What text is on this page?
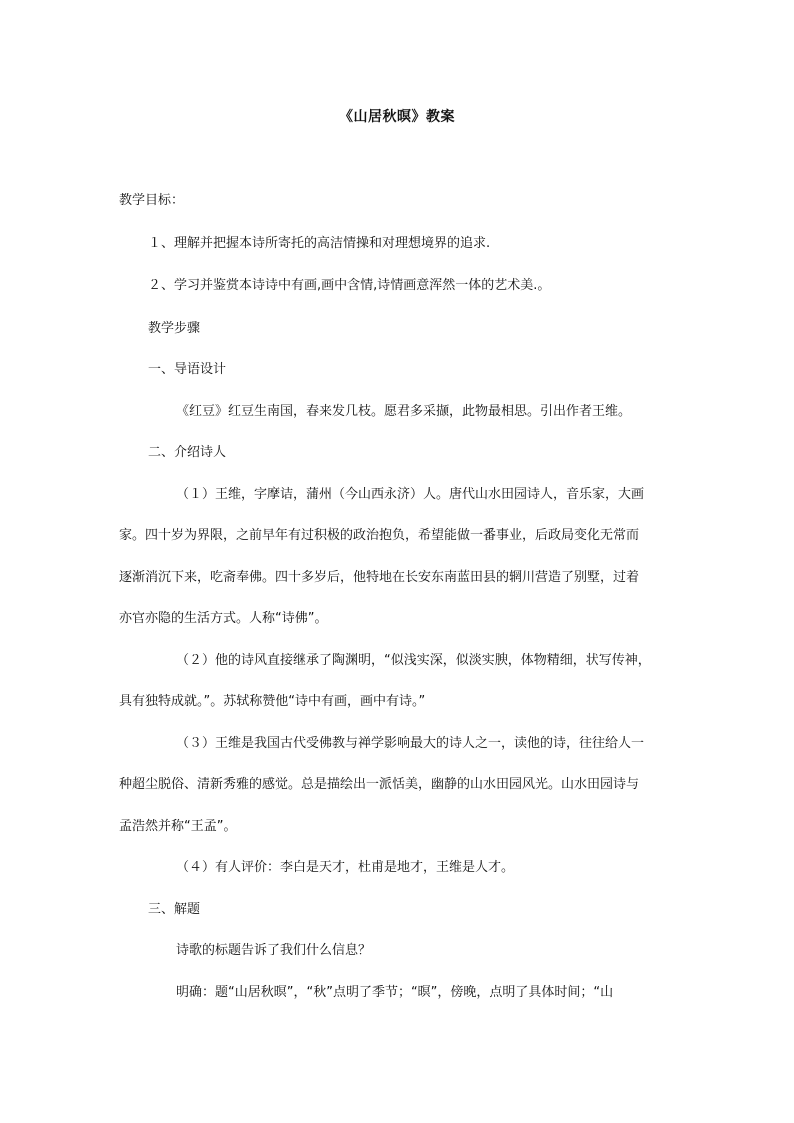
《山居秋暝》教案
教学目标：
１、理解并把握本诗所寄托的高洁情操和对理想境界的追求.
２、学习并鉴赏本诗诗中有画,画中含情,诗情画意浑然一体的艺术美.。
教学步骤
一、导语设计
《红豆》红豆生南国，春来发几枝。愿君多采撷，此物最相思。引出作者王维。
二、介绍诗人
（１）王维，字摩诘，蒲州（今山西永济）人。唐代山水田园诗人，音乐家，大画
家。四十岁为界限，之前早年有过积极的政治抱负，希望能做一番事业，后政局变化无常而
逐渐消沉下来，吃斋奉佛。四十多岁后，他特地在长安东南蓝田县的辋川营造了别墅，过着
亦官亦隐的生活方式。人称“诗佛”。
（２）他的诗风直接继承了陶渊明，“似浅实深，似淡实腴，体物精细，状写传神，
具有独特成就。”。苏轼称赞他“诗中有画，画中有诗。”
（３）王维是我国古代受佛教与禅学影响最大的诗人之一，读他的诗，往往给人一
种超尘脱俗、清新秀雅的感觉。总是描绘出一派恬美，幽静的山水田园风光。山水田园诗与
孟浩然并称“王孟”。
（４）有人评价：李白是天才，杜甫是地才，王维是人才。
三、解题
诗歌的标题告诉了我们什么信息？
明确：题“山居秋暝”，“秋”点明了季节；“暝”，傍晚，点明了具体时间；“山
